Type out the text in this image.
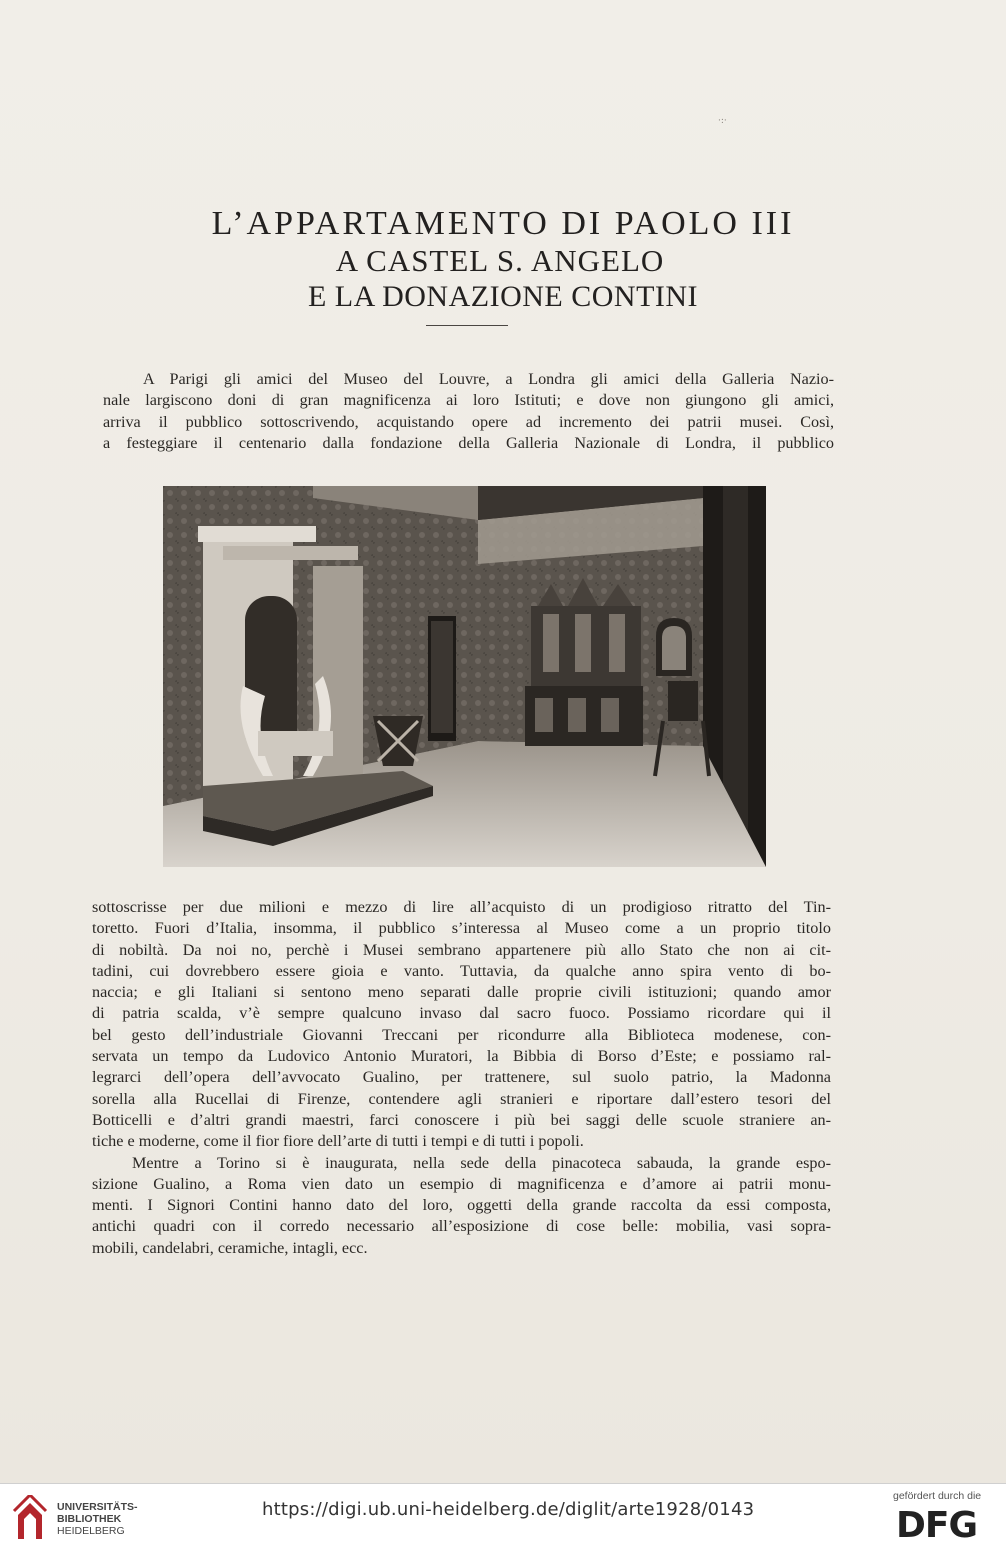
·:·
L’APPARTAMENTO DI PAOLO III
A CASTEL S. ANGELO
E LA DONAZIONE CONTINI
A Parigi gli amici del Museo del Louvre, a Londra gli amici della Galleria Nazio-
nale largiscono doni di gran magnificenza ai loro Istituti; e dove non giungono gli amici,
arriva il pubblico sottoscrivendo, acquistando opere ad incremento dei patrii musei. Così,
a festeggiare il centenario dalla fondazione della Galleria Nazionale di Londra, il pubblico
sottoscrisse per due milioni e mezzo di lire all’acquisto di un prodigioso ritratto del Tin-
toretto. Fuori d’Italia, insomma, il pubblico s’interessa al Museo come a un proprio titolo
di nobiltà. Da noi no, perchè i Musei sembrano appartenere più allo Stato che non ai cit-
tadini, cui dovrebbero essere gioia e vanto. Tuttavia, da qualche anno spira vento di bo-
naccia; e gli Italiani si sentono meno separati dalle proprie civili istituzioni; quando amor
di patria scalda, v’è sempre qualcuno invaso dal sacro fuoco. Possiamo ricordare qui il
bel gesto dell’industriale Giovanni Treccani per ricondurre alla Biblioteca modenese, con-
servata un tempo da Ludovico Antonio Muratori, la Bibbia di Borso d’Este; e possiamo ral-
legrarci dell’opera dell’avvocato Gualino, per trattenere, sul suolo patrio, la Madonna
sorella alla Rucellai di Firenze, contendere agli stranieri e riportare dall’estero tesori del
Botticelli e d’altri grandi maestri, farci conoscere i più bei saggi delle scuole straniere an-
tiche e moderne, come il fior fiore dell’arte di tutti i tempi e di tutti i popoli.
Mentre a Torino si è inaugurata, nella sede della pinacoteca sabauda, la grande espo-
sizione Gualino, a Roma vien dato un esempio di magnificenza e d’amore ai patrii monu-
menti. I Signori Contini hanno dato del loro, oggetti della grande raccolta da essi composta,
antichi quadri con il corredo necessario all’esposizione di cose belle: mobilia, vasi sopra-
mobili, candelabri, ceramiche, intagli, ecc.
UNIVERSITÄTS-
BIBLIOTHEK
HEIDELBERG
https://digi.ub.uni-heidelberg.de/diglit/arte1928/0143
gefördert durch die
DFG
